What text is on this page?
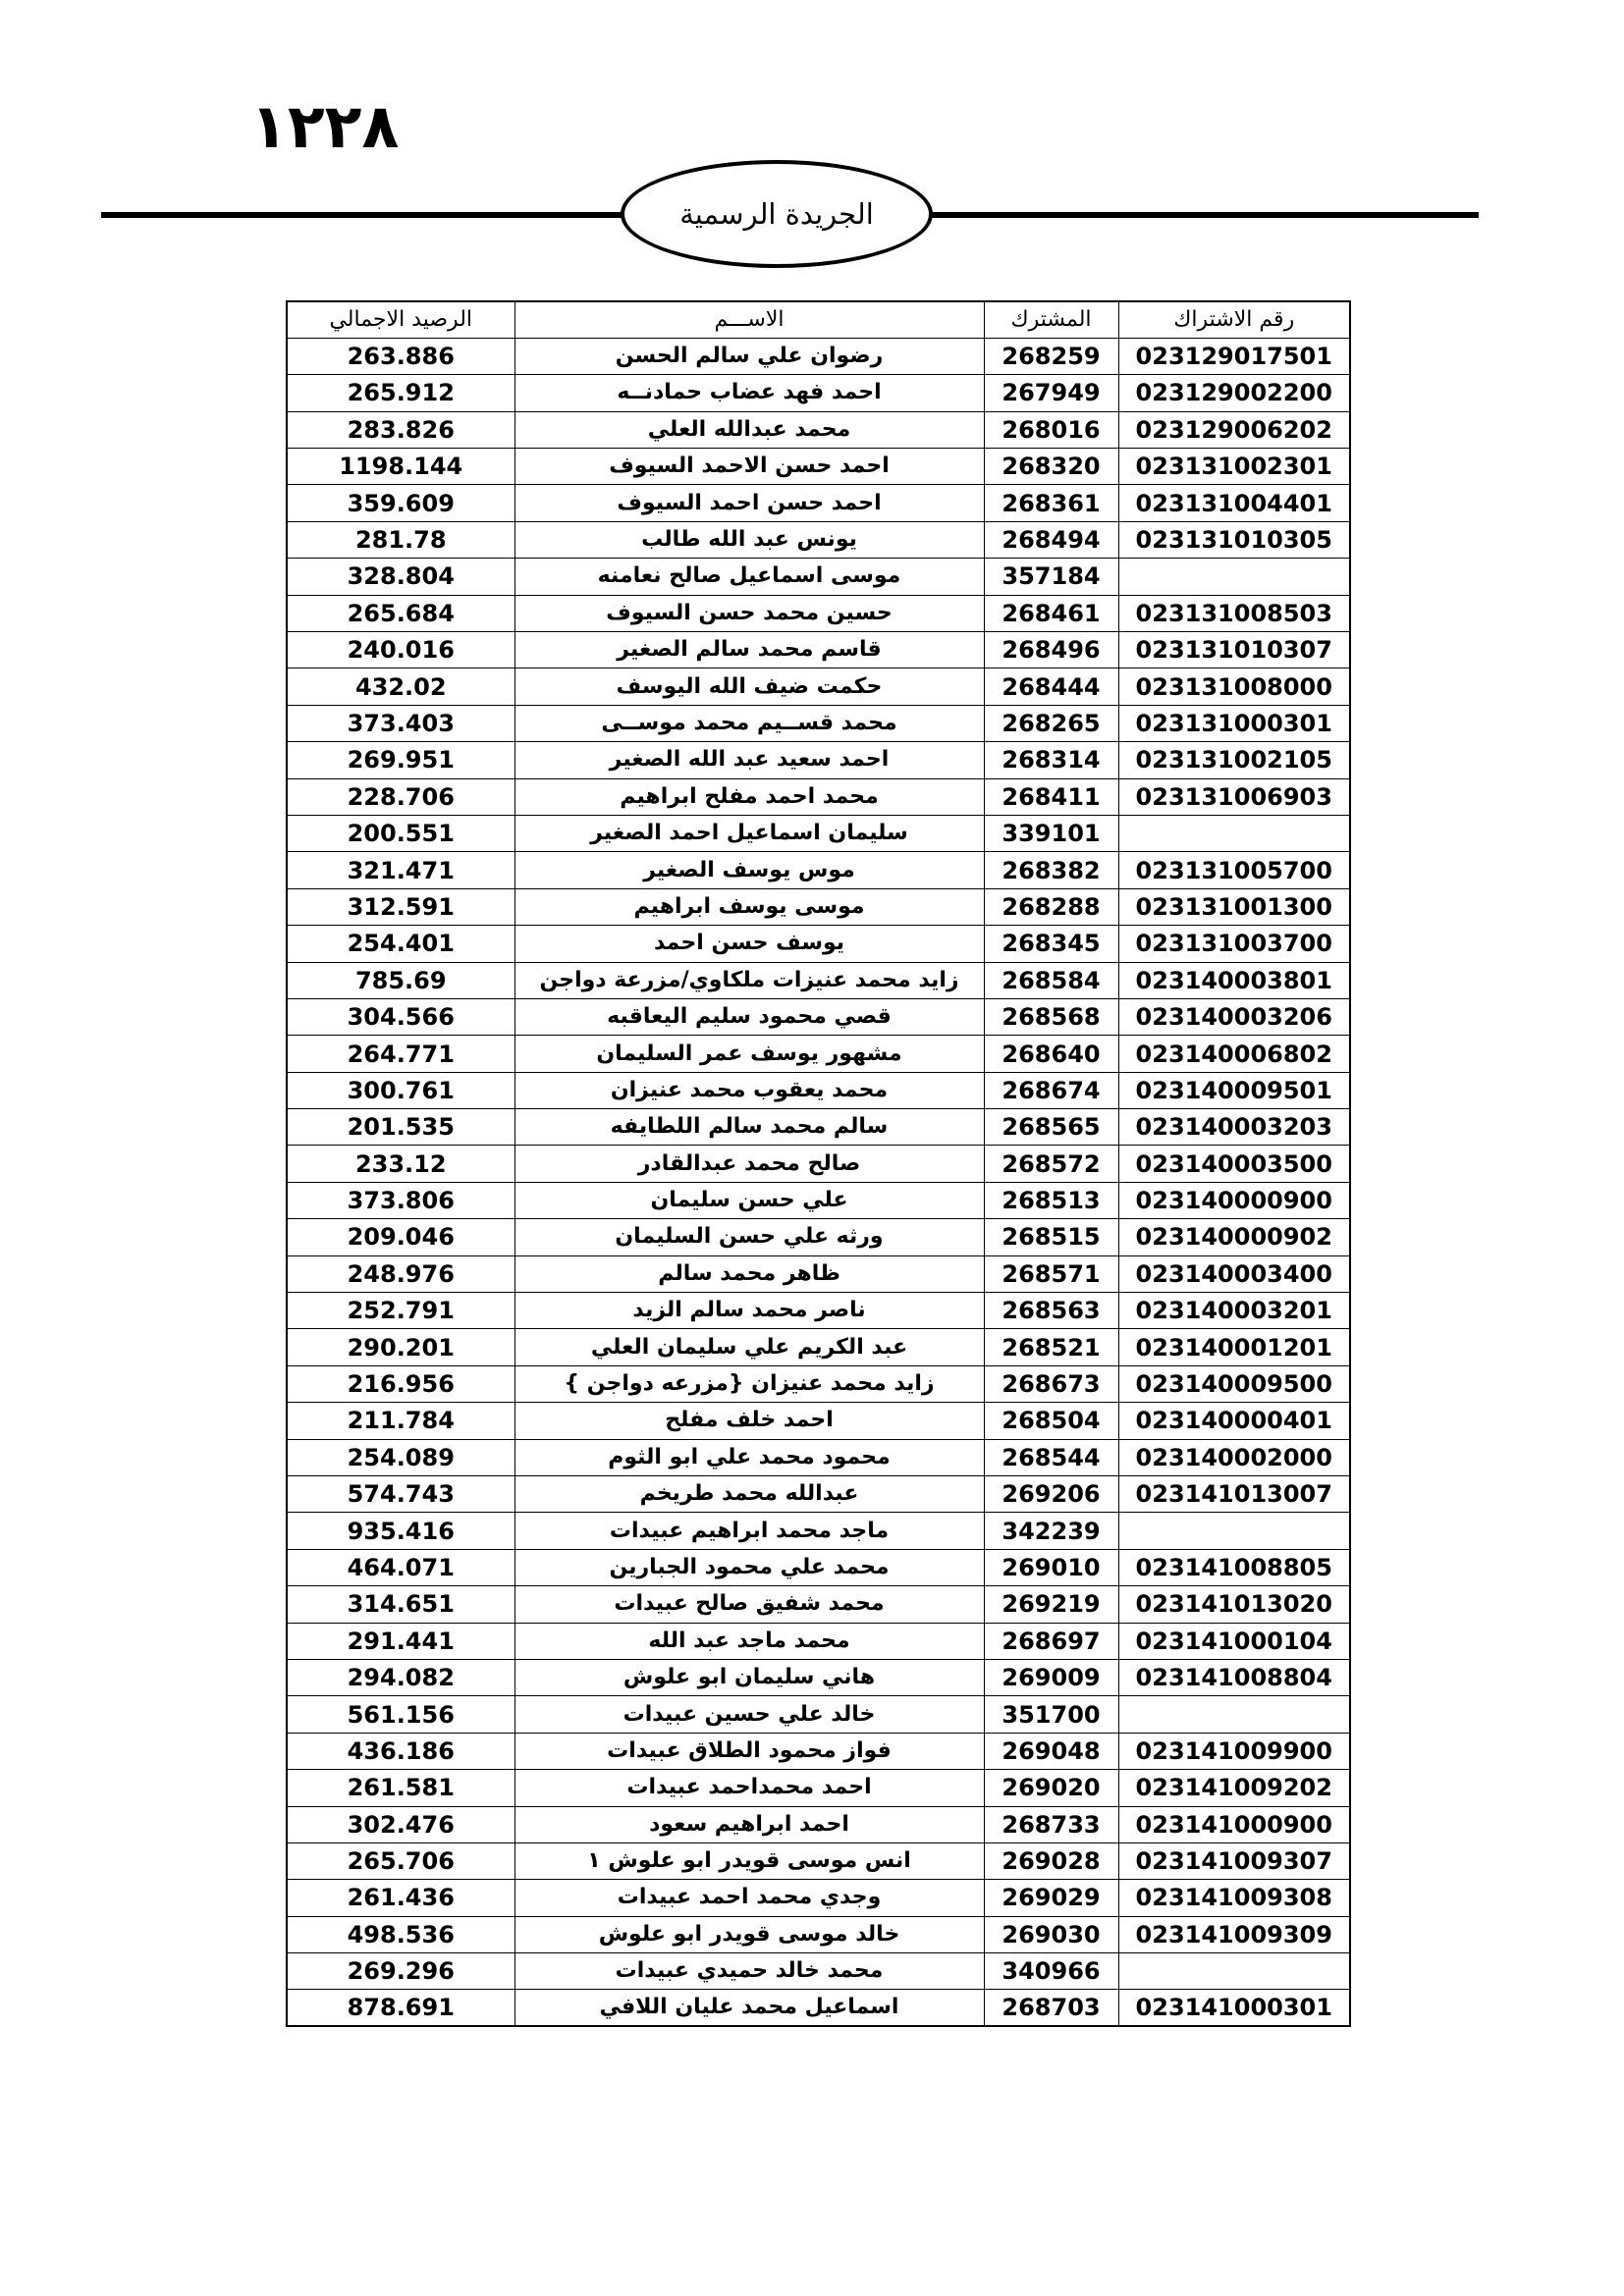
١٢٢٨
الجريدة الرسمية
الرصيد الاجمالي	الاســـم	المشترك	رقم الاشتراك
263.886	رضوان علي سالم الحسن	268259	023129017501
265.912	احمد فهد عضاب حمادنــه	267949	023129002200
283.826	محمد عبدالله العلي	268016	023129006202
1198.144	احمد حسن الاحمد السيوف	268320	023131002301
359.609	احمد حسن احمد السيوف	268361	023131004401
281.78	يونس عبد الله طالب	268494	023131010305
328.804	موسى اسماعيل صالح نعامنه	357184	
265.684	حسين محمد حسن السيوف	268461	023131008503
240.016	قاسم محمد سالم الصغير	268496	023131010307
432.02	حكمت ضيف الله اليوسف	268444	023131008000
373.403	محمد قســيم محمد موســى	268265	023131000301
269.951	احمد سعيد عبد الله الصغير	268314	023131002105
228.706	محمد احمد مفلح ابراهيم	268411	023131006903
200.551	سليمان اسماعيل احمد الصغير	339101	
321.471	موس يوسف الصغير	268382	023131005700
312.591	موسى يوسف ابراهيم	268288	023131001300
254.401	يوسف حسن احمد	268345	023131003700
785.69	زايد محمد عنيزات ملكاوي/مزرعة دواجن	268584	023140003801
304.566	قصي محمود سليم اليعاقبه	268568	023140003206
264.771	مشهور يوسف عمر السليمان	268640	023140006802
300.761	محمد يعقوب محمد عنيزان	268674	023140009501
201.535	سالم محمد سالم اللطايفه	268565	023140003203
233.12	صالح محمد عبدالقادر	268572	023140003500
373.806	علي حسن سليمان	268513	023140000900
209.046	ورثه علي حسن السليمان	268515	023140000902
248.976	ظاهر محمد سالم	268571	023140003400
252.791	ناصر محمد سالم الزيد	268563	023140003201
290.201	عبد الكريم علي سليمان العلي	268521	023140001201
216.956	زايد محمد عنيزان {مزرعه دواجن }	268673	023140009500
211.784	احمد خلف مفلح	268504	023140000401
254.089	محمود محمد علي ابو الثوم	268544	023140002000
574.743	عبدالله محمد طريخم	269206	023141013007
935.416	ماجد محمد ابراهيم عبيدات	342239	
464.071	محمد علي محمود الجبارين	269010	023141008805
314.651	محمد شفيق صالح عبيدات	269219	023141013020
291.441	محمد ماجد عبد الله	268697	023141000104
294.082	هاني سليمان ابو علوش	269009	023141008804
561.156	خالد علي حسين عبيدات	351700	
436.186	فواز محمود الطلاق عبيدات	269048	023141009900
261.581	احمد محمداحمد عبيدات	269020	023141009202
302.476	احمد ابراهيم سعود	268733	023141000900
265.706	انس موسى قويدر ابو علوش ١	269028	023141009307
261.436	وجدي محمد احمد عبيدات	269029	023141009308
498.536	خالد موسى قويدر ابو علوش	269030	023141009309
269.296	محمد خالد حميدي عبيدات	340966	
878.691	اسماعيل محمد عليان اللافي	268703	023141000301
